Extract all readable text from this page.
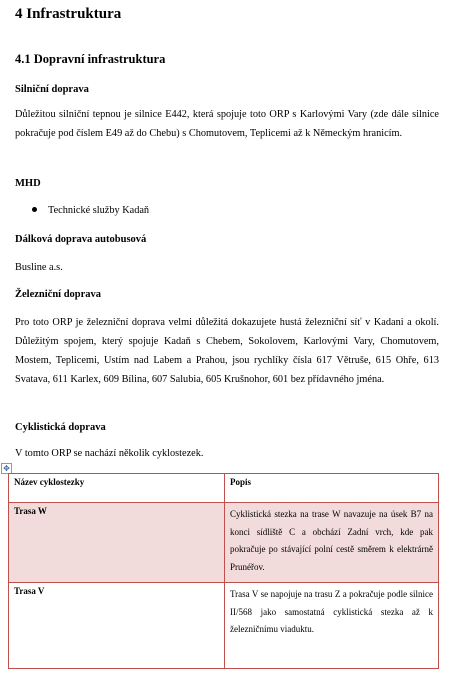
4 Infrastruktura
4.1 Dopravní infrastruktura

Silniční doprava

Důležitou silniční tepnou je silnice E442, která spojuje toto ORP s Karlovými Vary (zde dále silnice pokračuje pod číslem E49 až do Chebu) s Chomutovem, Teplicemi až k Německým hranicím.

MHD

Technické služby Kadaň

Dálková doprava autobusová

Busline a.s.

Železniční doprava

Pro toto ORP je železniční doprava velmi důležitá dokazujete hustá železniční síť v Kadani a okolí. Důležitým spojem, který spojuje Kadaň s Chebem, Sokolovem, Karlovými Vary, Chomutovem, Mostem, Teplicemi, Ustím nad Labem a Prahou, jsou rychlíky čísla 617 Větruše, 615 Ohře, 613 Svatava, 611 Karlex, 609 Bílina, 607 Salubia, 605 Krušnohor, 601 bez přídavného jména.

Cyklistická doprava

V tomto ORP se nachází několik cyklostezek.

✥
Název cyklostezky	Popis
Trasa W	Cyklistická stezka na trase W navazuje na úsek B7 na konci sídliště C a obchází Zadní vrch, kde pak pokračuje po stávající polní cestě směrem k elektrárně Prunéřov.
Trasa V	Trasa V se napojuje na trasu Z a pokračuje podle silnice II/568 jako samostatná cyklistická stezka až k železničnímu viaduktu.
